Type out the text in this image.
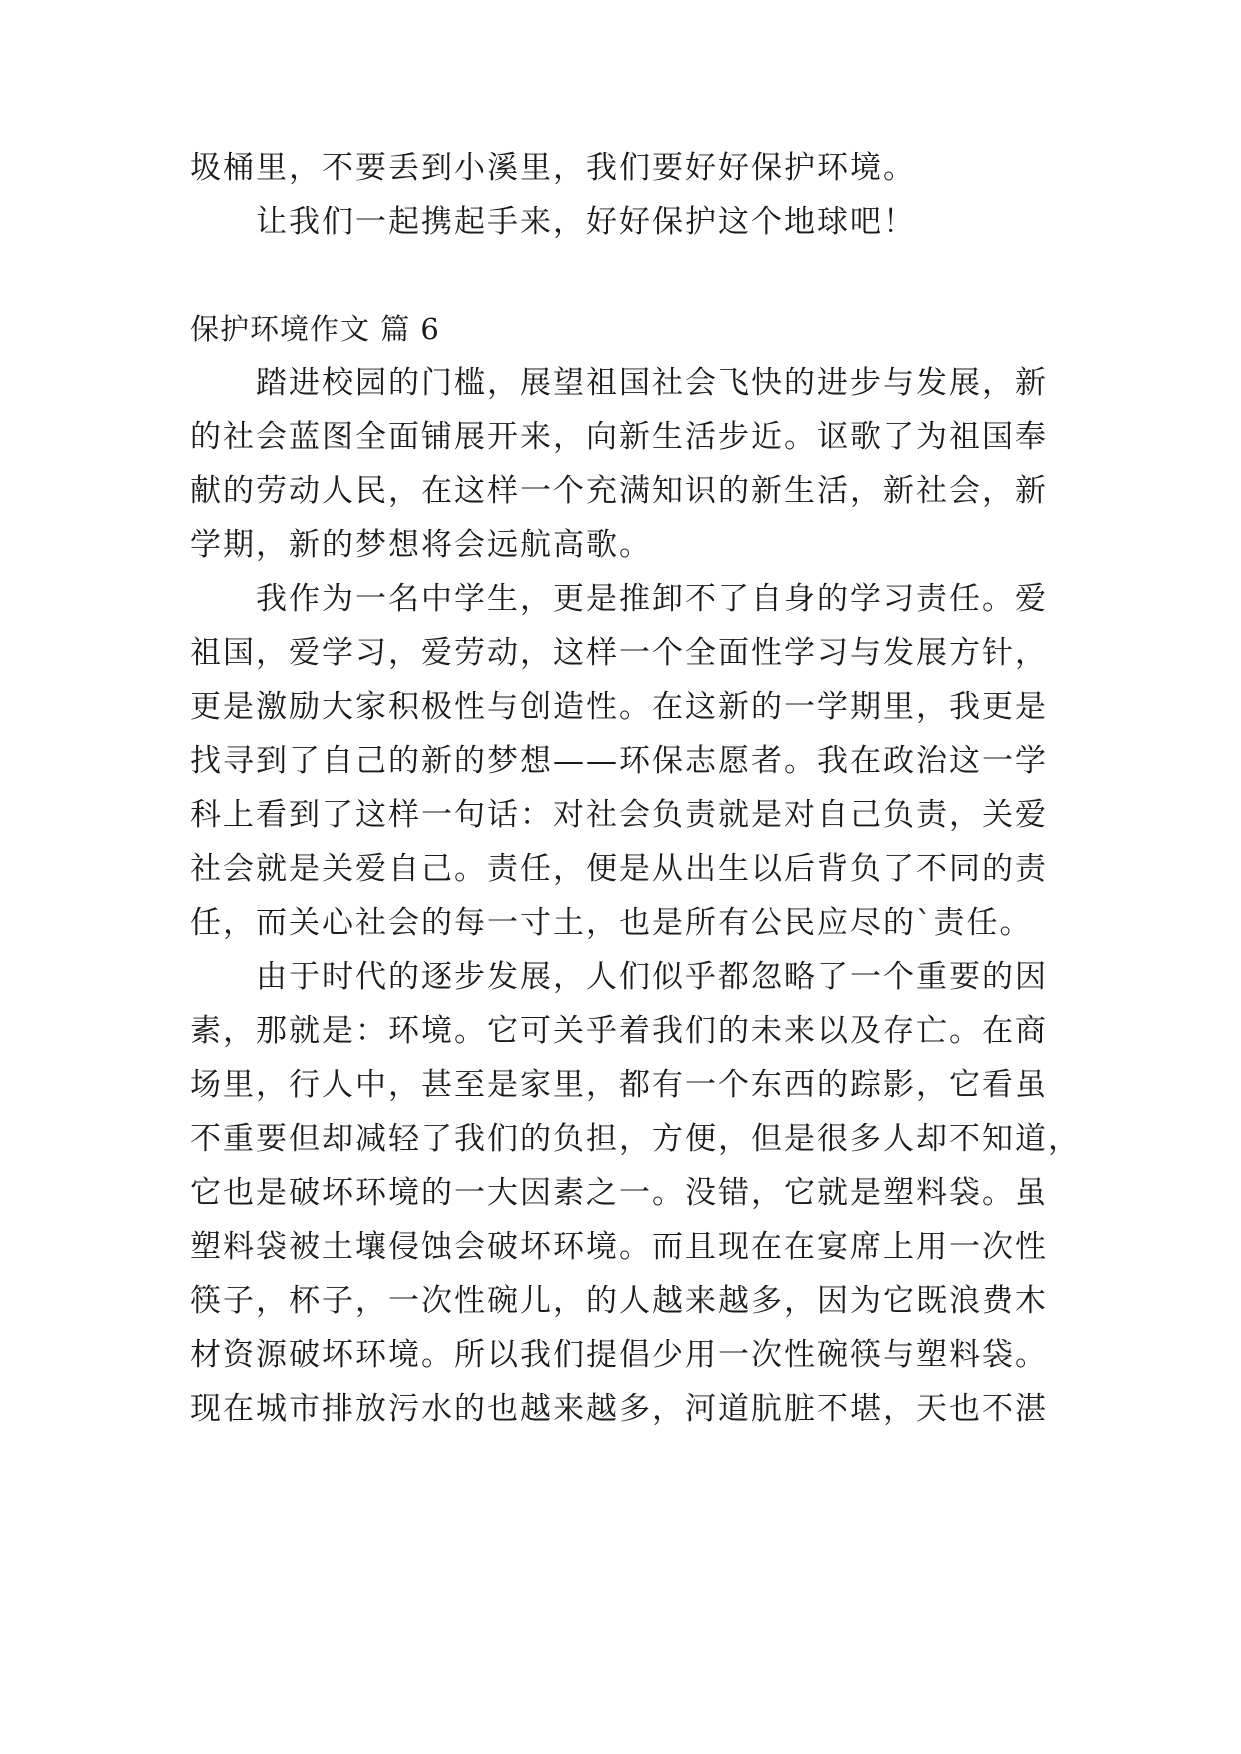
圾桶里，不要丢到小溪里，我们要好好保护环境。
让我们一起携起手来，好好保护这个地球吧！
保护环境作文 篇 6
踏进校园的门槛，展望祖国社会飞快的进步与发展，新
的社会蓝图全面铺展开来，向新生活步近。讴歌了为祖国奉
献的劳动人民，在这样一个充满知识的新生活，新社会，新
学期，新的梦想将会远航高歌。
我作为一名中学生，更是推卸不了自身的学习责任。爱
祖国，爱学习，爱劳动，这样一个全面性学习与发展方针，
更是激励大家积极性与创造性。在这新的一学期里，我更是
找寻到了自己的新的梦想——环保志愿者。我在政治这一学
科上看到了这样一句话：对社会负责就是对自己负责，关爱
社会就是关爱自己。责任，便是从出生以后背负了不同的责
任，而关心社会的每一寸土，也是所有公民应尽的`责任。
由于时代的逐步发展，人们似乎都忽略了一个重要的因
素，那就是：环境。它可关乎着我们的未来以及存亡。在商
场里，行人中，甚至是家里，都有一个东西的踪影，它看虽
不重要但却减轻了我们的负担，方便，但是很多人却不知道，
它也是破坏环境的一大因素之一。没错，它就是塑料袋。虽
塑料袋被土壤侵蚀会破坏环境。而且现在在宴席上用一次性
筷子，杯子，一次性碗儿，的人越来越多，因为它既浪费木
材资源破坏环境。所以我们提倡少用一次性碗筷与塑料袋。
现在城市排放污水的也越来越多，河道肮脏不堪，天也不湛
